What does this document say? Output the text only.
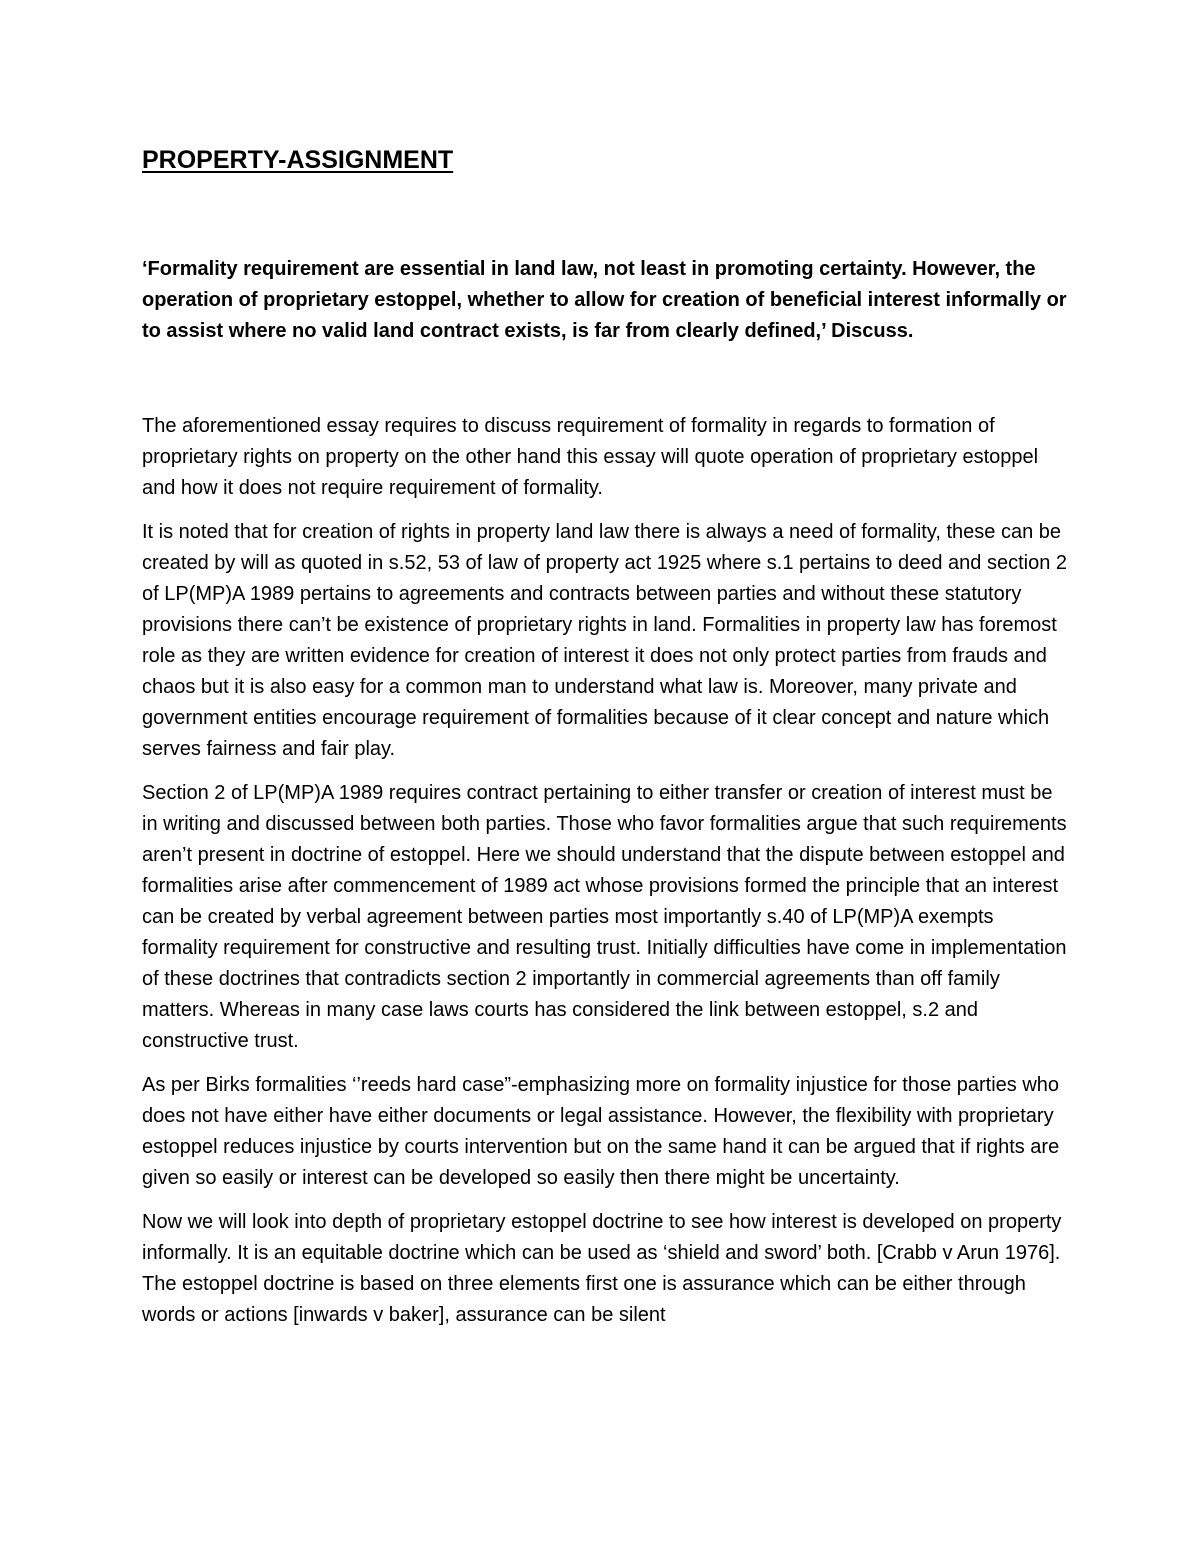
PROPERTY-ASSIGNMENT

‘Formality requirement are essential in land law, not least in promoting certainty. However, the operation of proprietary estoppel, whether to allow for creation of beneficial interest informally or to assist where no valid land contract exists, is far from clearly defined,’ Discuss.

The aforementioned essay requires to discuss requirement of formality in regards to formation of proprietary rights on property on the other hand this essay will quote operation of proprietary estoppel and how it does not require requirement of formality.

It is noted that for creation of rights in property land law there is always a need of formality, these can be created by will as quoted in s.52, 53 of law of property act 1925 where s.1 pertains to deed and section 2 of LP(MP)A 1989 pertains to agreements and contracts between parties and without these statutory provisions there can’t be existence of proprietary rights in land. Formalities in property law has foremost role as they are written evidence for creation of interest it does not only protect parties from frauds and chaos but it is also easy for a common man to understand what law is. Moreover, many private and government entities encourage requirement of formalities because of it clear concept and nature which serves fairness and fair play.

Section 2 of LP(MP)A 1989 requires contract pertaining to either transfer or creation of interest must be in writing and discussed between both parties. Those who favor formalities argue that such requirements aren’t present in doctrine of estoppel. Here we should understand that the dispute between estoppel and formalities arise after commencement of 1989 act whose provisions formed the principle that an interest can be created by verbal agreement between parties most importantly s.40 of LP(MP)A exempts formality requirement for constructive and resulting trust. Initially difficulties have come in implementation of these doctrines that contradicts section 2 importantly in commercial agreements than off family matters. Whereas in many case laws courts has considered the link between estoppel, s.2 and constructive trust.

As per Birks formalities ‘’reeds hard case”-emphasizing more on formality injustice for those parties who does not have either have either documents or legal assistance. However, the flexibility with proprietary estoppel reduces injustice by courts intervention but on the same hand it can be argued that if rights are given so easily or interest can be developed so easily then there might be uncertainty.

Now we will look into depth of proprietary estoppel doctrine to see how interest is developed on property informally. It is an equitable doctrine which can be used as ‘shield and sword’ both. [Crabb v Arun 1976]. The estoppel doctrine is based on three elements first one is assurance which can be either through words or actions [inwards v baker], assurance can be silent
